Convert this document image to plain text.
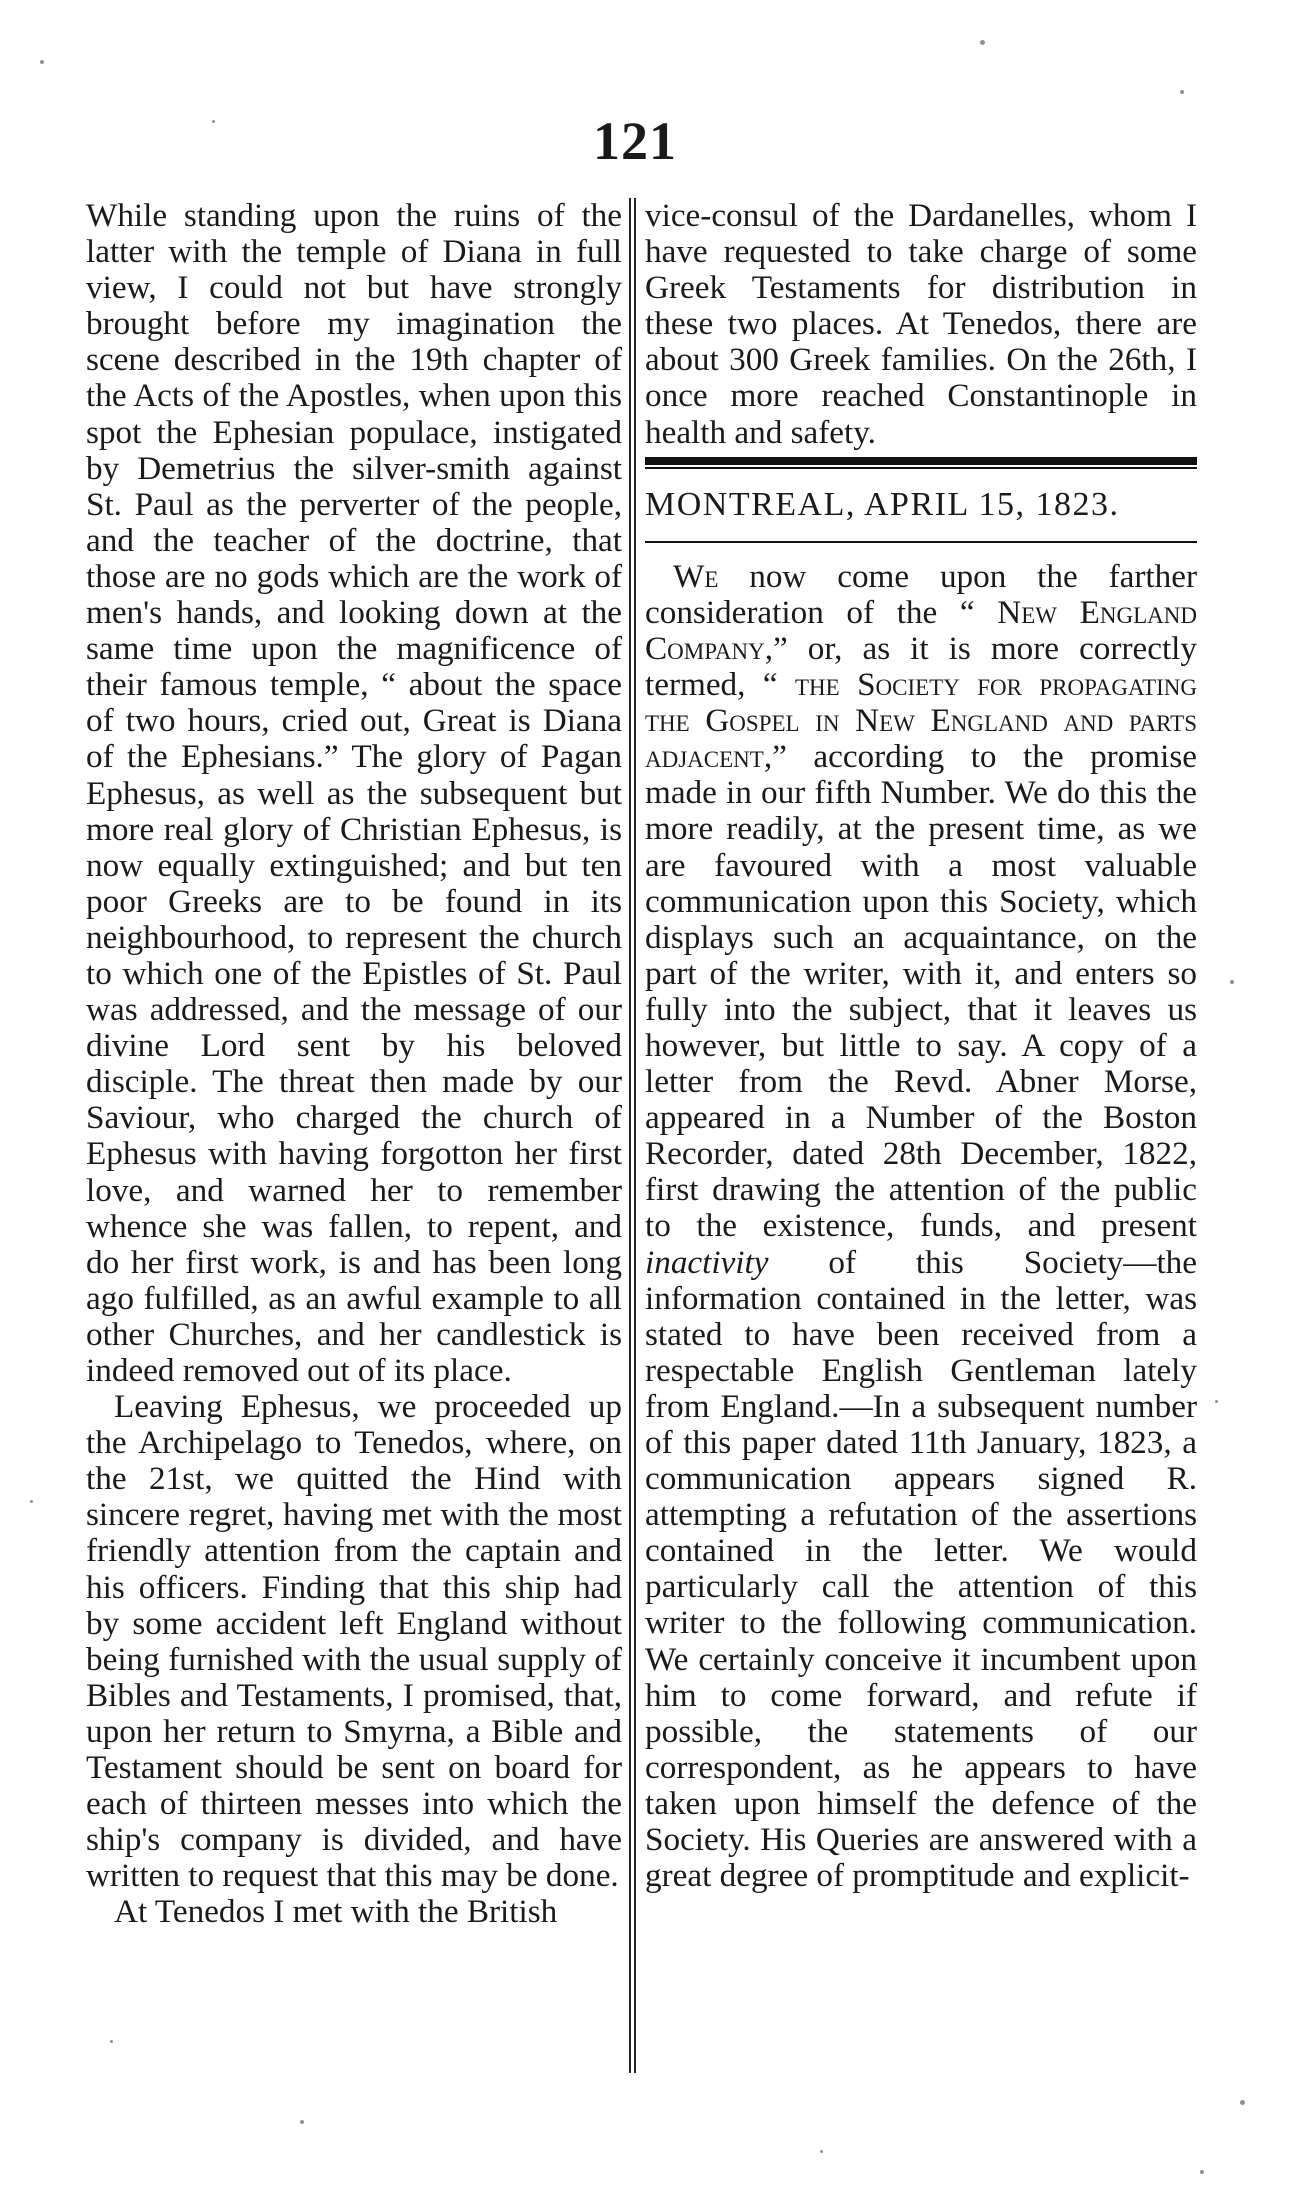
121

While standing upon the ruins of the latter with the temple of Diana in full view, I could not but have strongly brought before my imagination the scene described in the 19th chapter of the Acts of the Apostles, when upon this spot the Ephesian populace, instigated by Demetrius the silver-smith against St. Paul as the perverter of the people, and the teacher of the doctrine, that those are no gods which are the work of men's hands, and looking down at the same time upon the magnificence of their famous temple, “ about the space of two hours, cried out, Great is Diana of the Ephesians.” The glory of Pagan Ephesus, as well as the subsequent but more real glory of Christian Ephesus, is now equally extinguished; and but ten poor Greeks are to be found in its neighbourhood, to represent the church to which one of the Epistles of St. Paul was addressed, and the message of our divine Lord sent by his beloved disciple. The threat then made by our Saviour, who charged the church of Ephesus with having forgotton her first love, and warned her to remember whence she was fallen, to repent, and do her first work, is and has been long ago fulfilled, as an awful example to all other Churches, and her candlestick is indeed removed out of its place.

Leaving Ephesus, we proceeded up the Archipelago to Tenedos, where, on the 21st, we quitted the Hind with sincere regret, having met with the most friendly attention from the captain and his officers. Finding that this ship had by some accident left England without being furnished with the usual supply of Bibles and Testaments, I promised, that, upon her return to Smyrna, a Bible and Testament should be sent on board for each of thirteen messes into which the ship's company is divided, and have written to request that this may be done.

At Tenedos I met with the British

vice-consul of the Dardanelles, whom I have requested to take charge of some Greek Testaments for distribution in these two places. At Tenedos, there are about 300 Greek families. On the 26th, I once more reached Constantinople in health and safety.

MONTREAL, APRIL 15, 1823.

We now come upon the farther consideration of the “ New England Company,” or, as it is more correctly termed, “ the Society for propagating the Gospel in New England and parts adjacent,” according to the promise made in our fifth Number. We do this the more readily, at the present time, as we are favoured with a most valuable communication upon this Society, which displays such an acquaintance, on the part of the writer, with it, and enters so fully into the subject, that it leaves us however, but little to say. A copy of a letter from the Revd. Abner Morse, appeared in a Number of the Boston Recorder, dated 28th December, 1822, first drawing the attention of the public to the existence, funds, and present inactivity of this Society—the information contained in the letter, was stated to have been received from a respectable English Gentleman lately from England.—In a subsequent number of this paper dated 11th January, 1823, a communication appears signed R. attempting a refutation of the assertions contained in the letter. We would particularly call the attention of this writer to the following communication. We certainly conceive it incumbent upon him to come forward, and refute if possible, the statements of our correspondent, as he appears to have taken upon himself the defence of the Society. His Queries are answered with a great degree of promptitude and explicit-
